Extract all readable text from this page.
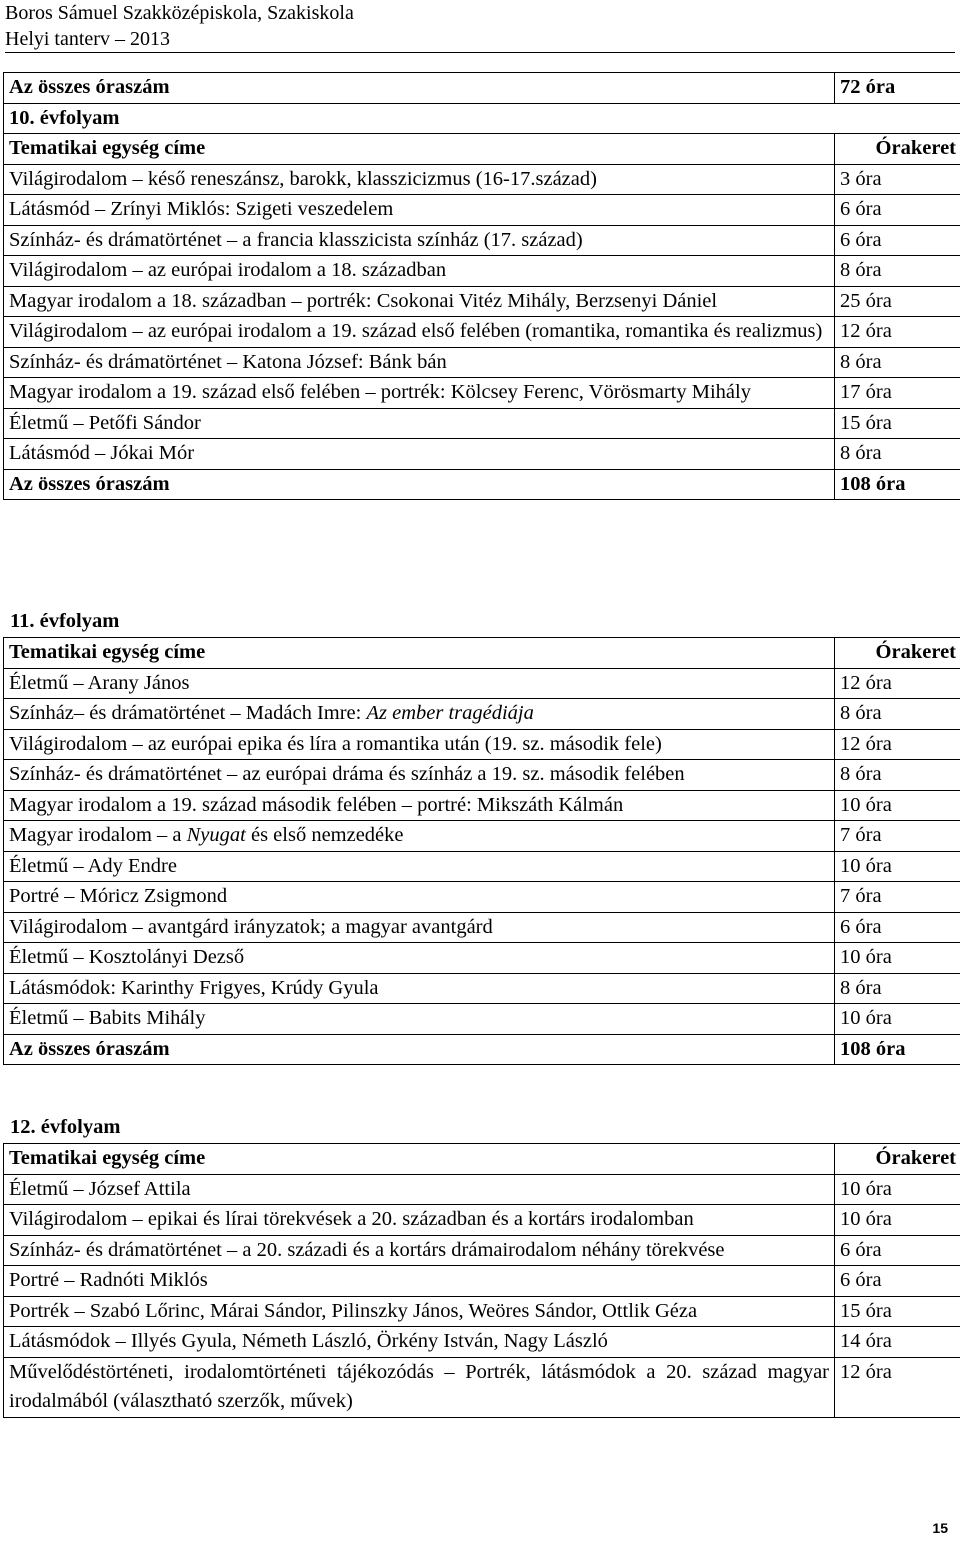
Boros Sámuel Szakközépiskola, Szakiskola
Helyi tanterv – 2013
Az összes óraszám	72 óra
10. évfolyam	
Tematikai egység címe	Órakeret
Világirodalom – késő reneszánsz, barokk, klasszicizmus (16-17.század)	3 óra
Látásmód – Zrínyi Miklós: Szigeti veszedelem	6 óra
Színház- és drámatörténet – a francia klasszicista színház (17. század)	6 óra
Világirodalom – az európai irodalom a 18. században	8 óra
Magyar irodalom a 18. században – portrék: Csokonai Vitéz Mihály, Berzsenyi Dániel	25 óra
Világirodalom – az európai irodalom a 19. század első felében (romantika, romantika és realizmus)	12 óra
Színház- és drámatörténet – Katona József: Bánk bán	8 óra
Magyar irodalom a 19. század első felében – portrék: Kölcsey Ferenc, Vörösmarty Mihály	17 óra
Életmű – Petőfi Sándor	15 óra
Látásmód – Jókai Mór	8 óra
Az összes óraszám	108 óra
11. évfolyam
Tematikai egység címe	Órakeret
Életmű – Arany János	12 óra
Színház– és drámatörténet – Madách Imre: Az ember tragédiája	8 óra
Világirodalom – az európai epika és líra a romantika után (19. sz. második fele)	12 óra
Színház- és drámatörténet – az európai dráma és színház a 19. sz. második felében	8 óra
Magyar irodalom a 19. század második felében – portré: Mikszáth Kálmán	10 óra
Magyar irodalom – a Nyugat és első nemzedéke	7 óra
Életmű – Ady Endre	10 óra
Portré – Móricz Zsigmond	7 óra
Világirodalom – avantgárd irányzatok; a magyar avantgárd	6 óra
Életmű – Kosztolányi Dezső	10 óra
Látásmódok: Karinthy Frigyes, Krúdy Gyula	8 óra
Életmű – Babits Mihály	10 óra
Az összes óraszám	108 óra
12. évfolyam
Tematikai egység címe	Órakeret
Életmű – József Attila	10 óra
Világirodalom – epikai és lírai törekvések a 20. században és a kortárs irodalomban	10 óra
Színház- és drámatörténet – a 20. századi és a kortárs drámairodalom néhány törekvése	6 óra
Portré – Radnóti Miklós	6 óra
Portrék – Szabó Lőrinc, Márai Sándor, Pilinszky János, Weöres Sándor, Ottlik Géza	15 óra
Látásmódok – Illyés Gyula, Németh László, Örkény István, Nagy László	14 óra
Művelődéstörténeti, irodalomtörténeti tájékozódás – Portrék, látásmódok a 20. század magyar irodalmából (választható szerzők, művek)	12 óra
15
